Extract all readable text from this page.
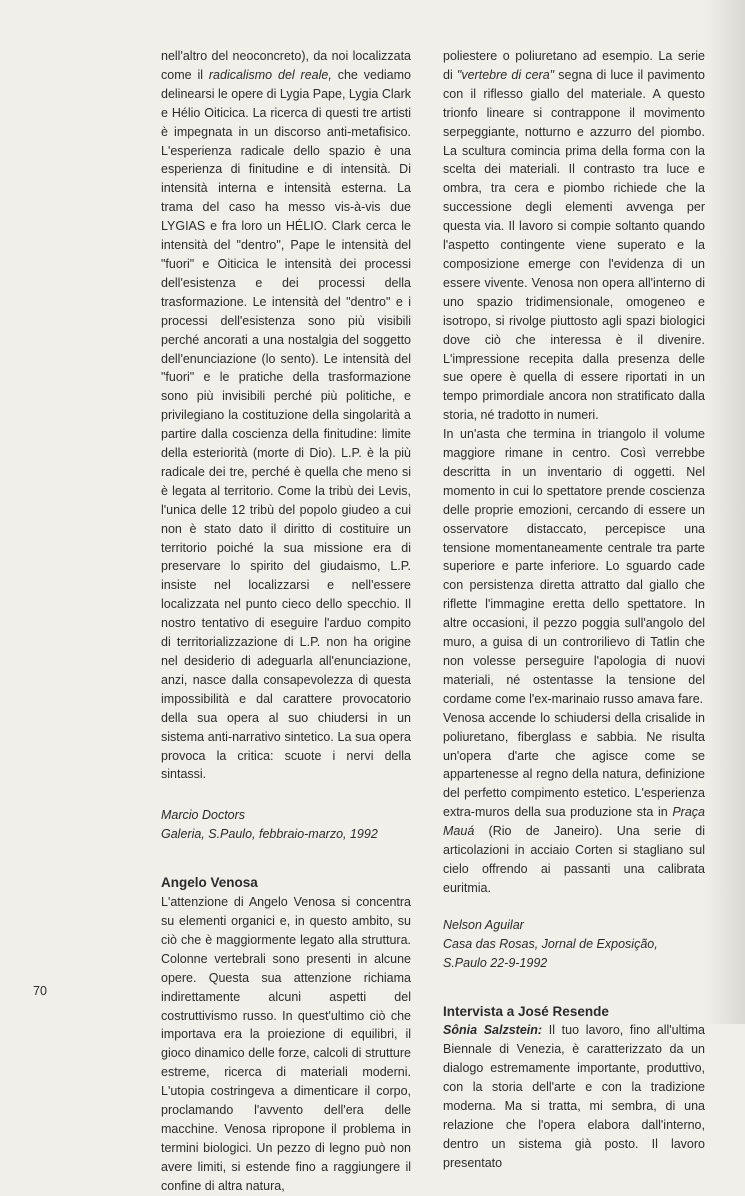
nell'altro del neoconcreto), da noi localizzata come il radicalismo del reale, che vediamo delinearsi le opere di Lygia Pape, Lygia Clark e Hélio Oiticica. La ricerca di questi tre artisti è impegnata in un discorso anti-metafisico. L'esperienza radicale dello spazio è una esperienza di finitudine e di intensità. Di intensità interna e intensità esterna. La trama del caso ha messo vis-à-vis due LYGIAS e fra loro un HÉLIO. Clark cerca le intensità del "dentro", Pape le intensità del "fuori" e Oiticica le intensità dei processi dell'esistenza e dei processi della trasformazione. Le intensità del "dentro" e i processi dell'esistenza sono più visibili perché ancorati a una nostalgia del soggetto dell'enunciazione (lo sento). Le intensità del "fuori" e le pratiche della trasformazione sono più invisibili perché più politiche, e privilegiano la costituzione della singolarità a partire dalla coscienza della finitudine: limite della esteriorità (morte di Dio). L.P. è la più radicale dei tre, perché è quella che meno si è legata al territorio. Come la tribù dei Levis, l'unica delle 12 tribù del popolo giudeo a cui non è stato dato il diritto di costituire un territorio poiché la sua missione era di preservare lo spirito del giudaismo, L.P. insiste nel localizzarsi e nell'essere localizzata nel punto cieco dello specchio. Il nostro tentativo di eseguire l'arduo compito di territorializzazione di L.P. non ha origine nel desiderio di adeguarla all'enunciazione, anzi, nasce dalla consapevolezza di questa impossibilità e dal carattere provocatorio della sua opera al suo chiudersi in un sistema anti-narrativo sintetico. La sua opera provoca la critica: scuote i nervi della sintassi.

Marcio Doctors

Galeria, S.Paulo, febbraio-marzo, 1992

Angelo Venosa

L'attenzione di Angelo Venosa si concentra su elementi organici e, in questo ambito, su ciò che è maggiormente legato alla struttura. Colonne vertebrali sono presenti in alcune opere. Questa sua attenzione richiama indirettamente alcuni aspetti del costruttivismo russo. In quest'ultimo ciò che importava era la proiezione di equilibri, il gioco dinamico delle forze, calcoli di strutture estreme, ricerca di materiali moderni. L'utopia costringeva a dimenticare il corpo, proclamando l'avvento dell'era delle macchine. Venosa ripropone il problema in termini biologici. Un pezzo di legno può non avere limiti, si estende fino a raggiungere il confine di altra natura,

poliestere o poliuretano ad esempio. La serie di "vertebre di cera" segna di luce il pavimento con il riflesso giallo del materiale. A questo trionfo lineare si contrappone il movimento serpeggiante, notturno e azzurro del piombo. La scultura comincia prima della forma con la scelta dei materiali. Il contrasto tra luce e ombra, tra cera e piombo richiede che la successione degli elementi avvenga per questa via. Il lavoro si compie soltanto quando l'aspetto contingente viene superato e la composizione emerge con l'evidenza di un essere vivente. Venosa non opera all'interno di uno spazio tridimensionale, omogeneo e isotropo, si rivolge piuttosto agli spazi biologici dove ciò che interessa è il divenire. L'impressione recepita dalla presenza delle sue opere è quella di essere riportati in un tempo primordiale ancora non stratificato dalla storia, né tradotto in numeri.

In un'asta che termina in triangolo il volume maggiore rimane in centro. Così verrebbe descritta in un inventario di oggetti. Nel momento in cui lo spettatore prende coscienza delle proprie emozioni, cercando di essere un osservatore distaccato, percepisce una tensione momentaneamente centrale tra parte superiore e parte inferiore. Lo sguardo cade con persistenza diretta attratto dal giallo che riflette l'immagine eretta dello spettatore. In altre occasioni, il pezzo poggia sull'angolo del muro, a guisa di un controrilievo di Tatlin che non volesse perseguire l'apologia di nuovi materiali, né ostentasse la tensione del cordame come l'ex-marinaio russo amava fare.

Venosa accende lo schiudersi della crisalide in poliuretano, fiberglass e sabbia. Ne risulta un'opera d'arte che agisce come se appartenesse al regno della natura, definizione del perfetto compimento estetico. L'esperienza extra-muros della sua produzione sta in Praça Mauá (Rio de Janeiro). Una serie di articolazioni in acciaio Corten si stagliano sul cielo offrendo ai passanti una calibrata euritmia.

Nelson Aguilar

Casa das Rosas, Jornal de Exposição,

S.Paulo 22-9-1992

Intervista a José Resende

Sônia Salzstein: Il tuo lavoro, fino all'ultima Biennale di Venezia, è caratterizzato da un dialogo estremamente importante, produttivo, con la storia dell'arte e con la tradizione moderna. Ma si tratta, mi sembra, di una relazione che l'opera elabora dall'interno, dentro un sistema già posto. Il lavoro presentato

70
